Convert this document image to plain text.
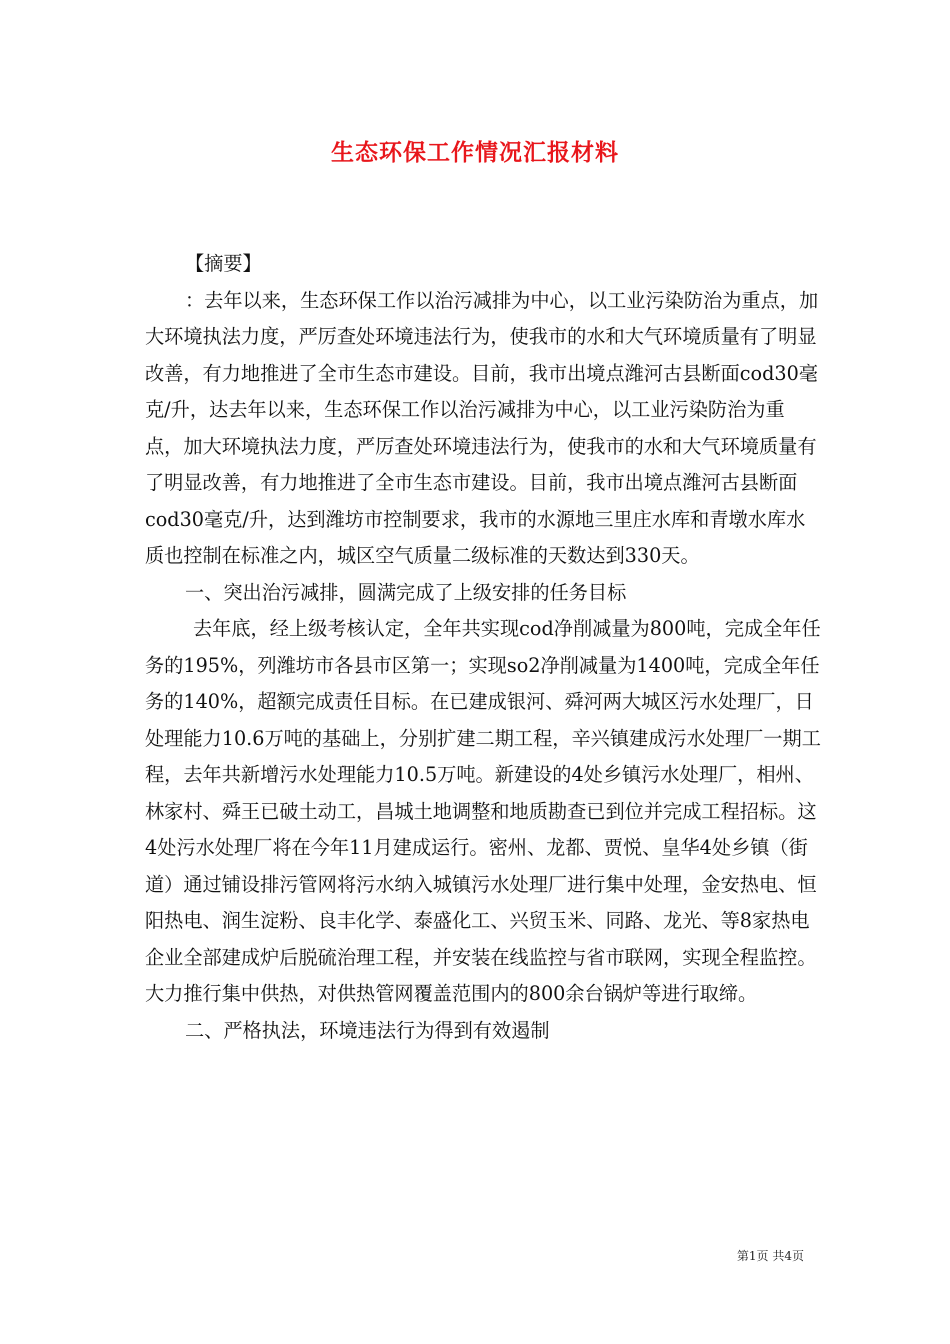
生态环保工作情况汇报材料

【摘要】

：去年以来，生态环保工作以治污减排为中心，以工业污染防治为重点，加大环境执法力度，严厉查处环境违法行为，使我市的水和大气环境质量有了明显改善，有力地推进了全市生态市建设。目前，我市出境点潍河古县断面cod30毫克/升，达去年以来，生态环保工作以治污减排为中心，以工业污染防治为重点，加大环境执法力度，严厉查处环境违法行为，使我市的水和大气环境质量有了明显改善，有力地推进了全市生态市建设。目前，我市出境点潍河古县断面cod30毫克/升，达到潍坊市控制要求，我市的水源地三里庄水库和青墩水库水质也控制在标准之内，城区空气质量二级标准的天数达到330天。

一、突出治污减排，圆满完成了上级安排的任务目标

去年底，经上级考核认定，全年共实现cod净削减量为800吨，完成全年任务的195%，列潍坊市各县市区第一；实现so2净削减量为1400吨，完成全年任务的140%，超额完成责任目标。在已建成银河、舜河两大城区污水处理厂，日处理能力10.6万吨的基础上，分别扩建二期工程，辛兴镇建成污水处理厂一期工程，去年共新增污水处理能力10.5万吨。新建设的4处乡镇污水处理厂，相州、林家村、舜王已破土动工，昌城土地调整和地质勘查已到位并完成工程招标。这4处污水处理厂将在今年11月建成运行。密州、龙都、贾悦、皇华4处乡镇（街道）通过铺设排污管网将污水纳入城镇污水处理厂进行集中处理，金安热电、恒阳热电、润生淀粉、良丰化学、泰盛化工、兴贸玉米、同路、龙光、等8家热电企业全部建成炉后脱硫治理工程，并安装在线监控与省市联网，实现全程监控。大力推行集中供热，对供热管网覆盖范围内的800余台锅炉等进行取缔。

二、严格执法，环境违法行为得到有效遏制

第1页 共4页
